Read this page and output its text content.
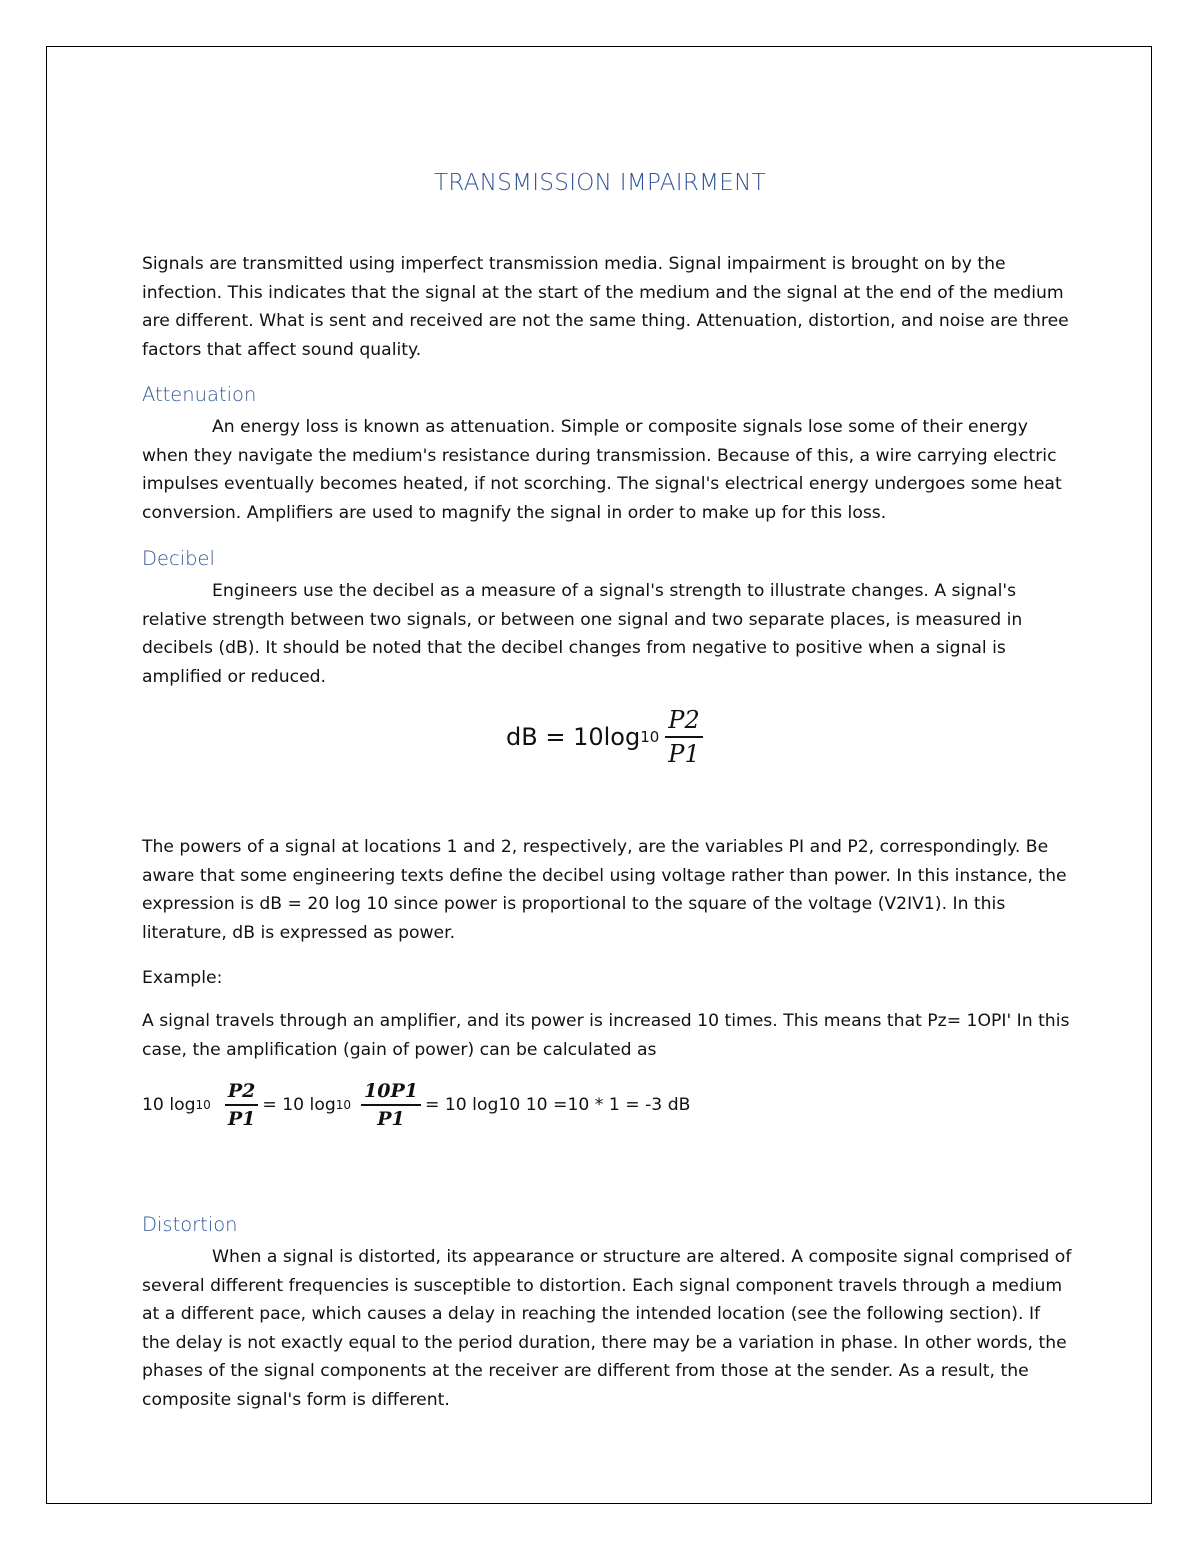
TRANSMISSION IMPAIRMENT

Signals are transmitted using imperfect transmission media. Signal impairment is brought on by the infection. This indicates that the signal at the start of the medium and the signal at the end of the medium are different. What is sent and received are not the same thing. Attenuation, distortion, and noise are three factors that affect sound quality.

Attenuation

An energy loss is known as attenuation. Simple or composite signals lose some of their energy when they navigate the medium's resistance during transmission. Because of this, a wire carrying electric impulses eventually becomes heated, if not scorching. The signal's electrical energy undergoes some heat conversion. Amplifiers are used to magnify the signal in order to make up for this loss.

Decibel

Engineers use the decibel as a measure of a signal's strength to illustrate changes. A signal's relative strength between two signals, or between one signal and two separate places, is measured in decibels (dB). It should be noted that the decibel changes from negative to positive when a signal is amplified or reduced.

dB = 10log $10 \frac{P2}{P1}$

The powers of a signal at locations 1 and 2, respectively, are the variables PI and P2, correspondingly. Be aware that some engineering texts define the decibel using voltage rather than power. In this instance, the expression is dB = 20 log 10 since power is proportional to the square of the voltage (V2IV1). In this literature, dB is expressed as power.

Example:

A signal travels through an amplifier, and its power is increased 10 times. This means that Pz= 1OPI' In this case, the amplification (gain of power) can be calculated as

10 $\log 10 \frac{P2}{P1} = 10$ $\log 10 \frac{10P1}{P1} = 10$ log10 10 =10 * 1 = -3 dB
Distortion

When a signal is distorted, its appearance or structure are altered. A composite signal comprised of several different frequencies is susceptible to distortion. Each signal component travels through a medium at a different pace, which causes a delay in reaching the intended location (see the following section). If the delay is not exactly equal to the period duration, there may be a variation in phase. In other words, the phases of the signal components at the receiver are different from those at the sender. As a result, the composite signal's form is different.
